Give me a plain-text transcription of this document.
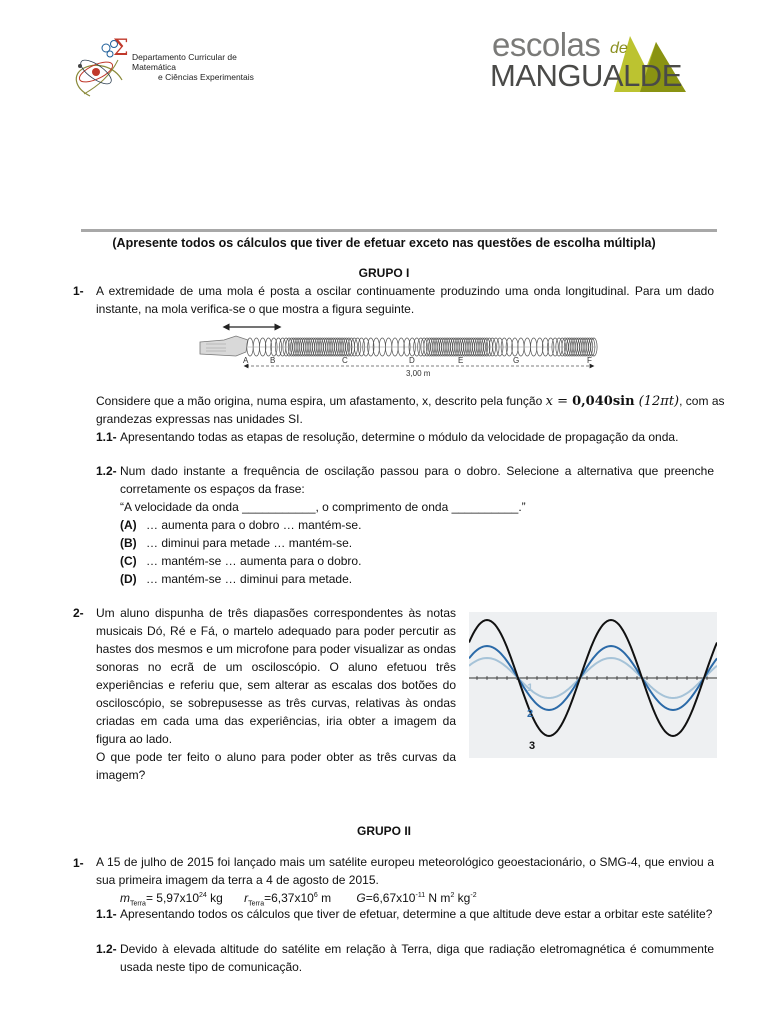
Σ Departamento Curricular de Matemática
e Ciências Experimentais
escolas de
MANGUALDE
(Apresente todos os cálculos que tiver de efetuar exceto nas questões de escolha múltipla)
GRUPO I
1- A extremidade de uma mola é posta a oscilar continuamente produzindo uma onda longitudinal. Para um dado instante, na mola verifica-se o que mostra a figura seguinte.
A	B	C	D	E	G	F
3,00 m
Considere que a mão origina, numa espira, um afastamento, x, descrito pela função x = 0,040sin (12πt), com as
grandezas expressas nas unidades SI.
1.1- Apresentando todas as etapas de resolução, determine o módulo da velocidade de propagação da onda.
1.2- Num dado instante a frequência de oscilação passou para o dobro. Selecione a alternativa que preenche corretamente os espaços da frase:
“A velocidade da onda ___________, o comprimento de onda __________.”
(A) … aumenta para o dobro … mantém-se.
(B) … diminui para metade … mantém-se.
(C) … mantém-se … aumenta para o dobro.
(D) … mantém-se … diminui para metade.
2- Um aluno dispunha de três diapasões correspondentes às notas musicais Dó, Ré e Fá, o martelo adequado para poder percutir as hastes dos mesmos e um microfone para poder visualizar as ondas sonoras no ecrã de um osciloscópio. O aluno efetuou três experiências e referiu que, sem alterar as escalas dos botões do osciloscópio, se sobrepusesse as três curvas, relativas às ondas criadas em cada uma das experiências, iria obter a imagem da figura ao lado.
O que pode ter feito o aluno para poder obter as três curvas da imagem?
1
2
3
GRUPO II
1- A 15 de julho de 2015 foi lançado mais um satélite europeu meteorológico geoestacionário, o SMG-4, que enviou a sua primeira imagem da terra a 4 de agosto de 2015.
$m_{Terra}= 5,97x10^{24}$ kg $r_{Terra}=6,37x10^6$ m $G=6,67x10^{-11}$ N $m^2$ $kg^{-2}$
1.1- Apresentando todos os cálculos que tiver de efetuar, determine a que altitude deve estar a orbitar este satélite?
1.2- Devido à elevada altitude do satélite em relação à Terra, diga que radiação eletromagnética é comummente usada neste tipo de comunicação.
